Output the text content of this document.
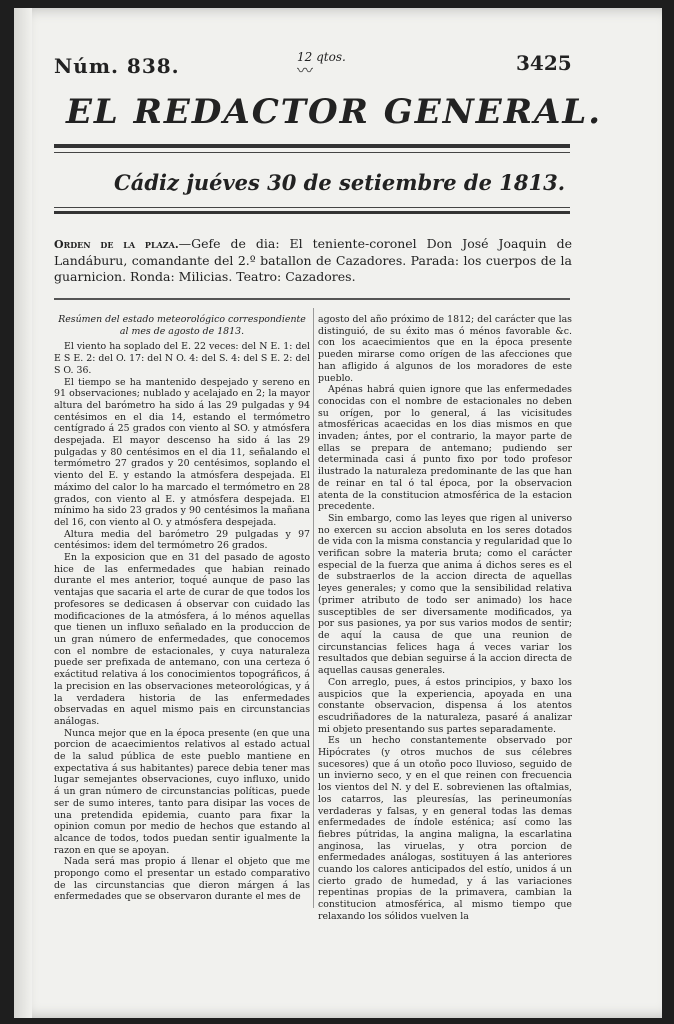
Núm. 838.	12 qtos.
〰	3425
EL REDACTOR GENERAL.
Cádiz juéves 30 de setiembre de 1813.
Orden de la plaza.—Gefe de dia: El teniente-coronel Don José Joaquin de Landáburu, comandante del 2.º batallon de Cazadores. Parada: los cuerpos de la guarnicion. Ronda: Milicias. Teatro: Cazadores.

Resúmen del estado meteorológico correspondiente al mes de agosto de 1813.

El viento ha soplado del E. 22 veces: del N E. 1: del E S E. 2: del O. 17: del N O. 4: del S. 4: del S E. 2: del S O. 36.

El tiempo se ha mantenido despejado y sereno en 91 observaciones; nublado y acelajado en 2; la mayor altura del barómetro ha sido á las 29 pulgadas y 94 centésimos en el dia 14, estando el termómetro centígrado á 25 grados con viento al SO. y atmósfera despejada. El mayor descenso ha sido á las 29 pulgadas y 80 centésimos en el dia 11, señalando el termómetro 27 grados y 20 centésimos, soplando el viento del E. y estando la atmósfera despejada. El máximo del calor lo ha marcado el termómetro en 28 grados, con viento al E. y atmósfera despejada. El mínimo ha sido 23 grados y 90 centésimos la mañana del 16, con viento al O. y atmósfera despejada.

Altura media del barómetro 29 pulgadas y 97 centésimos: idem del termómetro 26 grados.

En la exposicion que en 31 del pasado de agosto hice de las enfermedades que habian reinado durante el mes anterior, toqué aunque de paso las ventajas que sacaria el arte de curar de que todos los profesores se dedicasen á observar con cuidado las modificaciones de la atmósfera, á lo ménos aquellas que tienen un influxo señalado en la produccion de un gran número de enfermedades, que conocemos con el nombre de estacionales, y cuya naturaleza puede ser prefixada de antemano, con una certeza ó exáctitud relativa á los conocimientos topográficos, á la precision en las observaciones meteorológicas, y á la verdadera historia de las enfermedades observadas en aquel mismo pais en circunstancias análogas.

Nunca mejor que en la época presente (en que una porcion de acaecimientos relativos al estado actual de la salud pública de este pueblo mantiene en expectativa á sus habitantes) parece debia tener mas lugar semejantes observaciones, cuyo influxo, unido á un gran número de circunstancias políticas, puede ser de sumo interes, tanto para disipar las voces de una pretendida epidemia, cuanto para fixar la opinion comun por medio de hechos que estando al alcance de todos, todos puedan sentir igualmente la razon en que se apoyan.

Nada será mas propio á llenar el objeto que me propongo como el presentar un estado comparativo de las circunstancias que dieron márgen á las enfermedades que se observaron durante el mes de

agosto del año próximo de 1812; del carácter que las distinguió, de su éxito mas ó ménos favorable &c. con los acaecimientos que en la época presente pueden mirarse como orígen de las afecciones que han afligido á algunos de los moradores de este pueblo.

Apénas habrá quien ignore que las enfermedades conocidas con el nombre de estacionales no deben su orígen, por lo general, á las vicisitudes atmosféricas acaecidas en los dias mismos en que invaden; ántes, por el contrario, la mayor parte de ellas se prepara de antemano; pudiendo ser determinada casi á punto fixo por todo profesor ilustrado la naturaleza predominante de las que han de reinar en tal ó tal época, por la observacion atenta de la constitucion atmosférica de la estacion precedente.

Sin embargo, como las leyes que rigen al universo no exercen su accion absoluta en los seres dotados de vida con la misma constancia y regularidad que lo verifican sobre la materia bruta; como el carácter especial de la fuerza que anima á dichos seres es el de substraerlos de la accion directa de aquellas leyes generales; y como que la sensibilidad relativa (primer atributo de todo ser animado) los hace susceptibles de ser diversamente modificados, ya por sus pasiones, ya por sus varios modos de sentir; de aquí la causa de que una reunion de circunstancias felices haga á veces variar los resultados que debian seguirse á la accion directa de aquellas causas generales.

Con arreglo, pues, á estos principios, y baxo los auspicios que la experiencia, apoyada en una constante observacion, dispensa á los atentos escudriñadores de la naturaleza, pasaré á analizar mi objeto presentando sus partes separadamente.

Es un hecho constantemente observado por Hipócrates (y otros muchos de sus célebres sucesores) que á un otoño poco lluvioso, seguido de un invierno seco, y en el que reinen con frecuencia los vientos del N. y del E. sobrevienen las oftalmias, los catarros, las pleuresías, las perineumonías verdaderas y falsas, y en general todas las demas enfermedades de índole esténica; así como las fiebres pútridas, la angina maligna, la escarlatina anginosa, las viruelas, y otra porcion de enfermedades análogas, sostituyen á las anteriores cuando los calores anticipados del estío, unidos á un cierto grado de humedad, y á las variaciones repentinas propias de la primavera, cambian la constitucion atmosférica, al mismo tiempo que relaxando los sólidos vuelven la
